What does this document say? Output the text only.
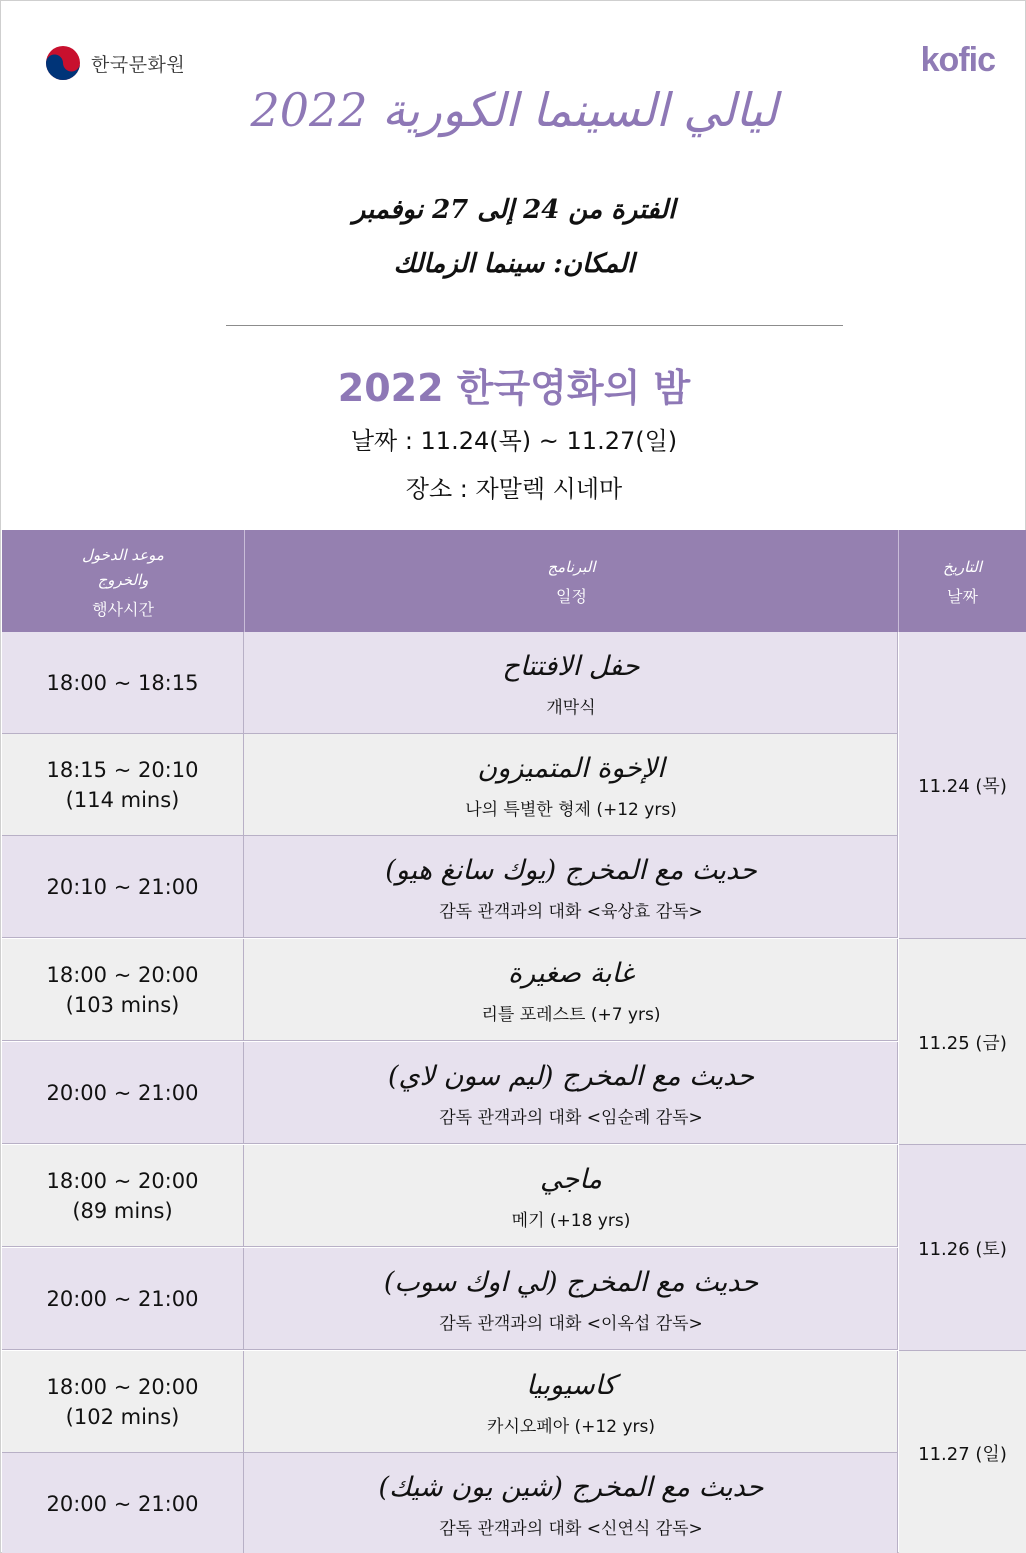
한국문화원	kofic
ليالي السينما الكورية 2022
الفترة من 24 إلى 27 نوفمبر
المكان: سينما الزمالك
2022 한국영화의 밤
날짜 : 11.24(목) ~ 11.27(일)
장소 : 자말렉 시네마
موعد الدخول والخروج
행사시간
البرنامج
일정
التاريخ
날짜
18:00 ~ 18:15
حفل الافتتاح
개막식
18:15 ~ 20:10
(114 mins)
الإخوة المتميزون
나의 특별한 형제 (+12 yrs)
20:10 ~ 21:00
حديث مع المخرج (يوك سانغ هيو)
감독 관객과의 대화 <육상효 감독>
18:00 ~ 20:00
(103 mins)
غابة صغيرة
리틀 포레스트 (+7 yrs)
20:00 ~ 21:00
حديث مع المخرج (ليم سون لاي)
감독 관객과의 대화 <임순례 감독>
18:00 ~ 20:00
(89 mins)
ماجي
메기 (+18 yrs)
20:00 ~ 21:00
حديث مع المخرج (لي اوك سوب)
감독 관객과의 대화 <이옥섭 감독>
18:00 ~ 20:00
(102 mins)
كاسيوبيا
카시오페아 (+12 yrs)
20:00 ~ 21:00
حديث مع المخرج (شين يون شيك)
감독 관객과의 대화 <신연식 감독>
11.24 (목)
11.25 (금)
11.26 (토)
11.27 (일)
